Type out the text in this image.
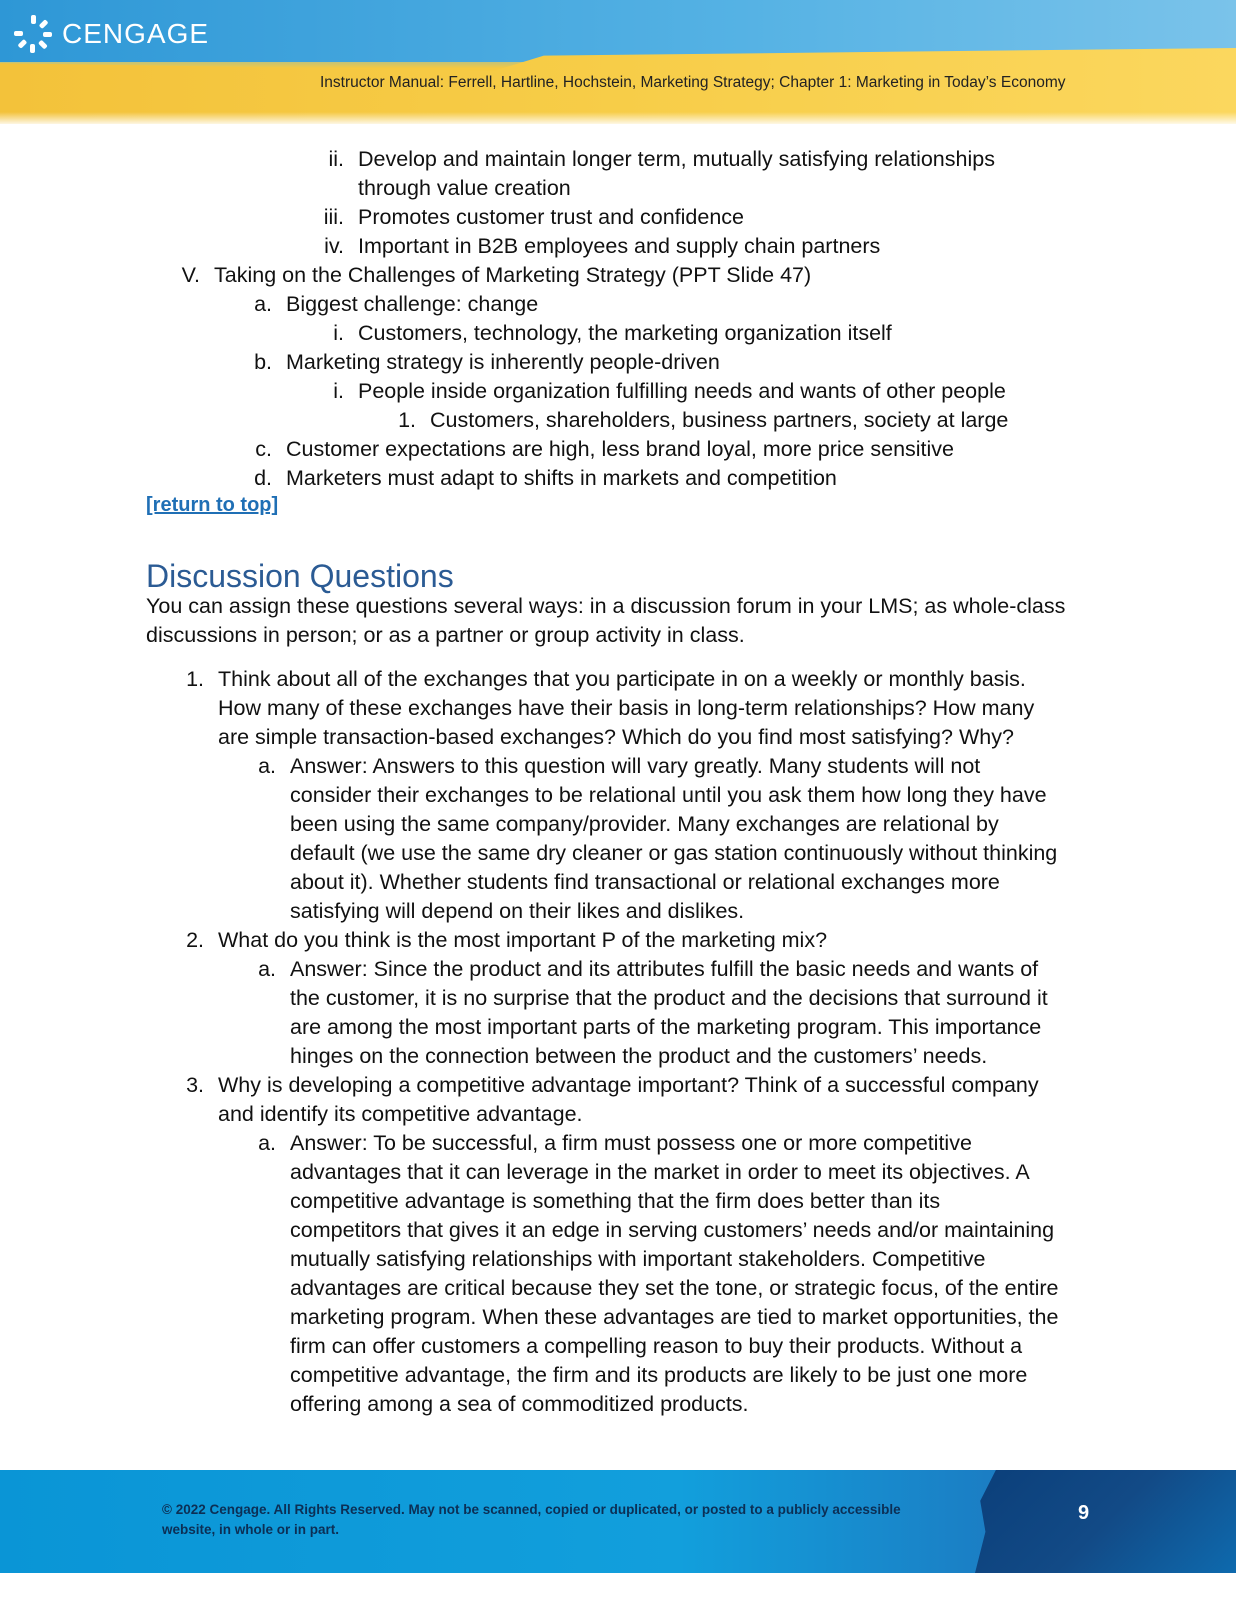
CENGAGE
Instructor Manual: Ferrell, Hartline, Hochstein, Marketing Strategy; Chapter 1: Marketing in Today’s Economy
ii. Develop and maintain longer term, mutually satisfying relationships
through value creation
iii. Promotes customer trust and confidence
iv. Important in B2B employees and supply chain partners
V. Taking on the Challenges of Marketing Strategy (PPT Slide 47)
a. Biggest challenge: change
i. Customers, technology, the marketing organization itself
b. Marketing strategy is inherently people-driven
i. People inside organization fulfilling needs and wants of other people
1. Customers, shareholders, business partners, society at large
c. Customer expectations are high, less brand loyal, more price sensitive
d. Marketers must adapt to shifts in markets and competition
[return to top]
Discussion Questions
You can assign these questions several ways: in a discussion forum in your LMS; as whole-class
discussions in person; or as a partner or group activity in class.
1. Think about all of the exchanges that you participate in on a weekly or monthly basis.
How many of these exchanges have their basis in long-term relationships? How many
are simple transaction-based exchanges? Which do you find most satisfying? Why?
a. Answer: Answers to this question will vary greatly. Many students will not
consider their exchanges to be relational until you ask them how long they have
been using the same company/provider. Many exchanges are relational by
default (we use the same dry cleaner or gas station continuously without thinking
about it). Whether students find transactional or relational exchanges more
satisfying will depend on their likes and dislikes.
2. What do you think is the most important P of the marketing mix?
a. Answer: Since the product and its attributes fulfill the basic needs and wants of
the customer, it is no surprise that the product and the decisions that surround it
are among the most important parts of the marketing program. This importance
hinges on the connection between the product and the customers’ needs.
3. Why is developing a competitive advantage important? Think of a successful company
and identify its competitive advantage.
a. Answer: To be successful, a firm must possess one or more competitive
advantages that it can leverage in the market in order to meet its objectives. A
competitive advantage is something that the firm does better than its
competitors that gives it an edge in serving customers’ needs and/or maintaining
mutually satisfying relationships with important stakeholders. Competitive
advantages are critical because they set the tone, or strategic focus, of the entire
marketing program. When these advantages are tied to market opportunities, the
firm can offer customers a compelling reason to buy their products. Without a
competitive advantage, the firm and its products are likely to be just one more
offering among a sea of commoditized products.
© 2022 Cengage. All Rights Reserved. May not be scanned, copied or duplicated, or posted to a publicly accessible
website, in whole or in part.
9
